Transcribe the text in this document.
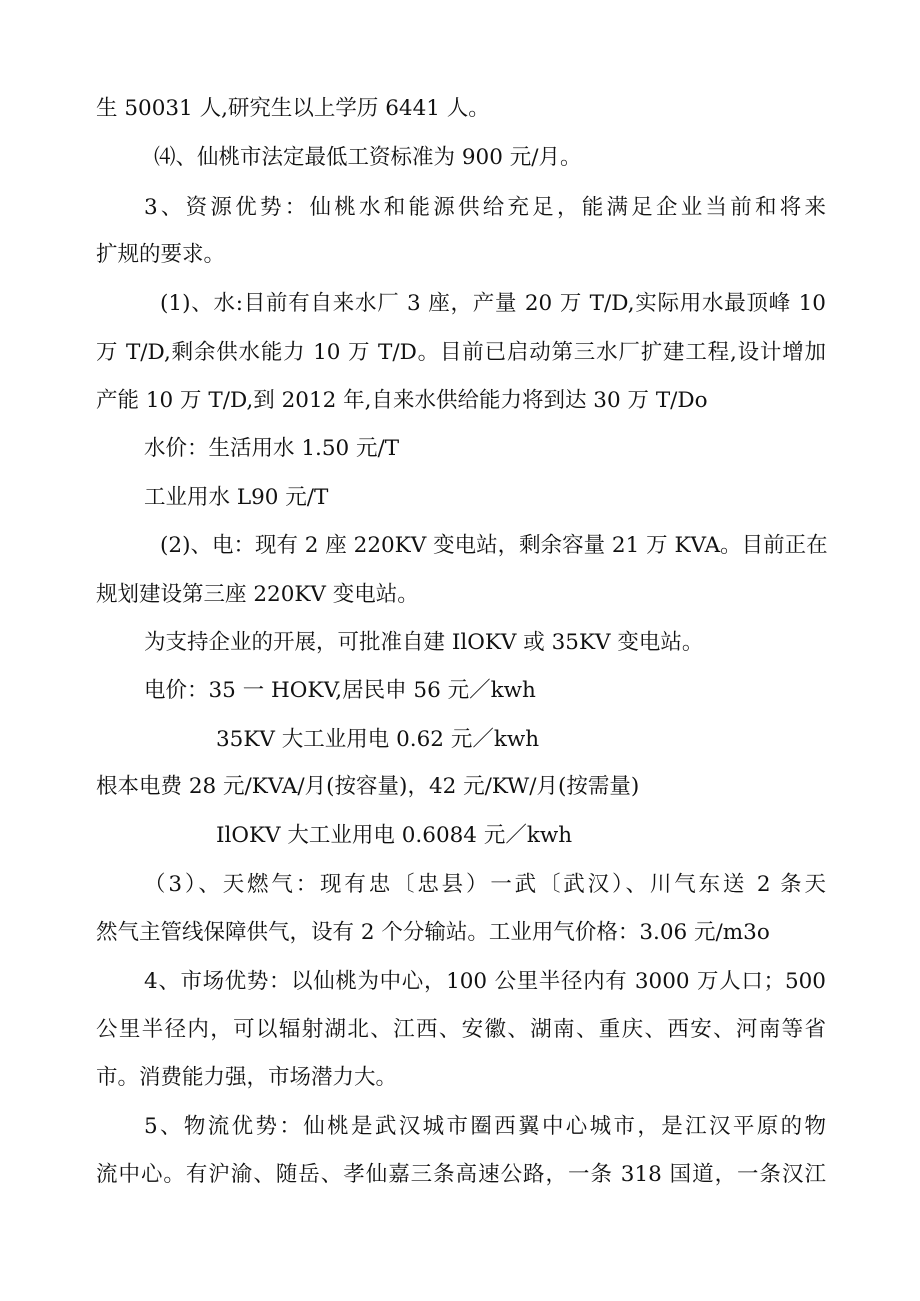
生 50031 人,研究生以上学历 6441 人。
⑷、仙桃市法定最低工资标准为 900 元/月。
3、资源优势：仙桃水和能源供给充足，能满足企业当前和将来
扩规的要求。
(1)、水:目前有自来水厂 3 座，产量 20 万 T/D,实际用水最顶峰 10
万 T/D,剩余供水能力 10 万 T/D。目前已启动第三水厂扩建工程,设计增加
产能 10 万 T/D,到 2012 年,自来水供给能力将到达 30 万 T/Do
水价：生活用水 1.50 元/T
工业用水 L90 元/T
(2)、电：现有 2 座 220KV 变电站，剩余容量 21 万 KVA。目前正在
规划建设第三座 220KV 变电站。
为支持企业的开展，可批准自建 IlOKV 或 35KV 变电站。
电价：35 一 HOKV,居民申 56 元／kwh
35KV 大工业用电 0.62 元／kwh
根本电费 28 元/KVA/月(按容量)，42 元/KW/月(按需量)
IlOKV 大工业用电 0.6084 元／kwh
（3）、天燃气：现有忠〔忠县）一武〔武汉）、川气东送 2 条天
然气主管线保障供气，设有 2 个分输站。工业用气价格：3.06 元/m3o
4、市场优势：以仙桃为中心，100 公里半径内有 3000 万人口；500
公里半径内，可以辐射湖北、江西、安徽、湖南、重庆、西安、河南等省
市。消费能力强，市场潜力大。
5、物流优势：仙桃是武汉城市圈西翼中心城市，是江汉平原的物
流中心。有沪渝、随岳、孝仙嘉三条高速公路，一条 318 国道，一条汉江
